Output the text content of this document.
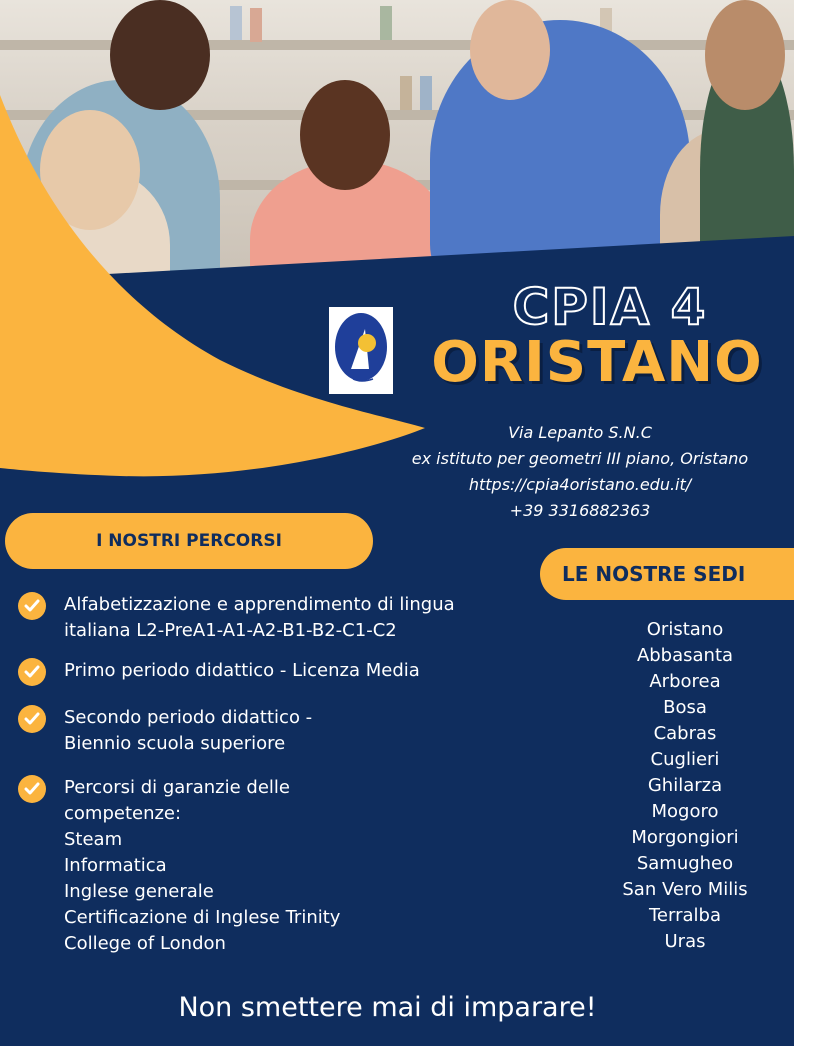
CPIA 4
ORISTANO
Via Lepanto S.N.C
ex istituto per geometri III piano, Oristano
https://cpia4oristano.edu.it/
+39 3316882363
I NOSTRI PERCORSI
LE NOSTRE SEDI
Alfabetizzazione e apprendimento di lingua
italiana L2-PreA1-A1-A2-B1-B2-C1-C2
Primo periodo didattico - Licenza Media
Secondo periodo didattico -
Biennio scuola superiore
Percorsi di garanzie delle
competenze:
Steam
Informatica
Inglese generale
Certificazione di Inglese Trinity
College of London
Oristano
Abbasanta
Arborea
Bosa
Cabras
Cuglieri
Ghilarza
Mogoro
Morgongiori
Samugheo
San Vero Milis
Terralba
Uras
Non smettere mai di imparare!
